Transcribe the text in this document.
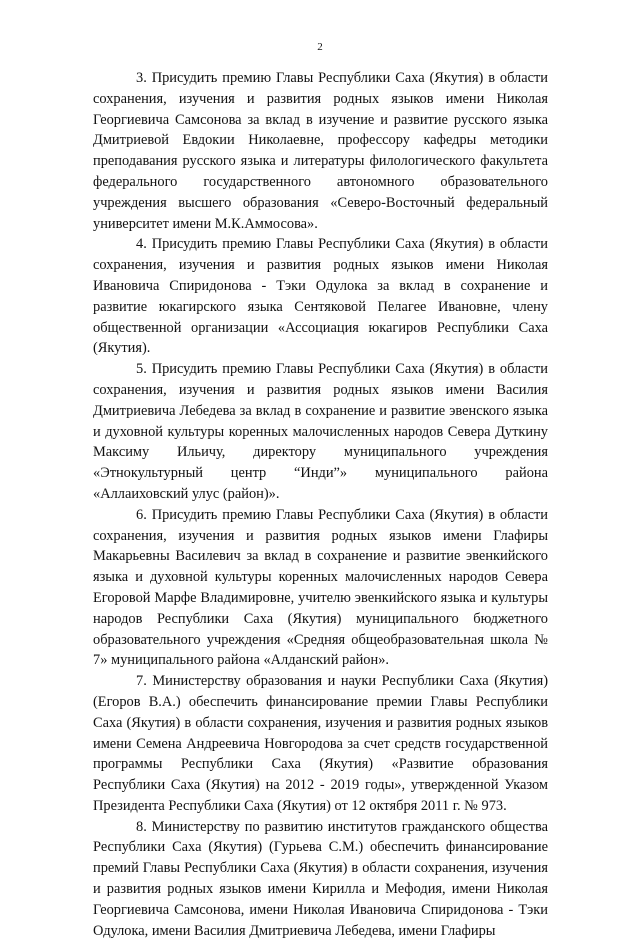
2

3. Присудить премию Главы Республики Саха (Якутия) в области сохранения, изучения и развития родных языков имени Николая Георгиевича Самсонова за вклад в изучение и развитие русского языка Дмитриевой Евдокии Николаевне, профессору кафедры методики преподавания русского языка и литературы филологического факультета федерального государственного автономного образовательного учреждения высшего образования «Северо-Восточный федеральный университет имени М.К.Аммосова».

4. Присудить премию Главы Республики Саха (Якутия) в области сохранения, изучения и развития родных языков имени Николая Ивановича Спиридонова - Тэки Одулока за вклад в сохранение и развитие юкагирского языка Сентяковой Пелагее Ивановне, члену общественной организации «Ассоциация юкагиров Республики Саха (Якутия).

5. Присудить премию Главы Республики Саха (Якутия) в области сохранения, изучения и развития родных языков имени Василия Дмитриевича Лебедева за вклад в сохранение и развитие эвенского языка и духовной культуры коренных малочисленных народов Севера Дуткину Максиму Ильичу, директору муниципального учреждения «Этнокультурный центр “Инди”» муниципального района «Аллаиховский улус (район)».

6. Присудить премию Главы Республики Саха (Якутия) в области сохранения, изучения и развития родных языков имени Глафиры Макарьевны Василевич за вклад в сохранение и развитие эвенкийского языка и духовной культуры коренных малочисленных народов Севера Егоровой Марфе Владимировне, учителю эвенкийского языка и культуры народов Республики Саха (Якутия) муниципального бюджетного образовательного учреждения «Средняя общеобразовательная школа № 7» муниципального района «Алданский район».

7. Министерству образования и науки Республики Саха (Якутия) (Егоров В.А.) обеспечить финансирование премии Главы Республики Саха (Якутия) в области сохранения, изучения и развития родных языков имени Семена Андреевича Новгородова за счет средств государственной программы Республики Саха (Якутия) «Развитие образования Республики Саха (Якутия) на 2012 - 2019 годы», утвержденной Указом Президента Республики Саха (Якутия) от 12 октября 2011 г. № 973.

8. Министерству по развитию институтов гражданского общества Республики Саха (Якутия) (Гурьева С.М.) обеспечить финансирование премий Главы Республики Саха (Якутия) в области сохранения, изучения и развития родных языков имени Кирилла и Мефодия, имени Николая Георгиевича Самсонова, имени Николая Ивановича Спиридонова - Тэки Одулока, имени Василия Дмитриевича Лебедева, имени Глафиры
